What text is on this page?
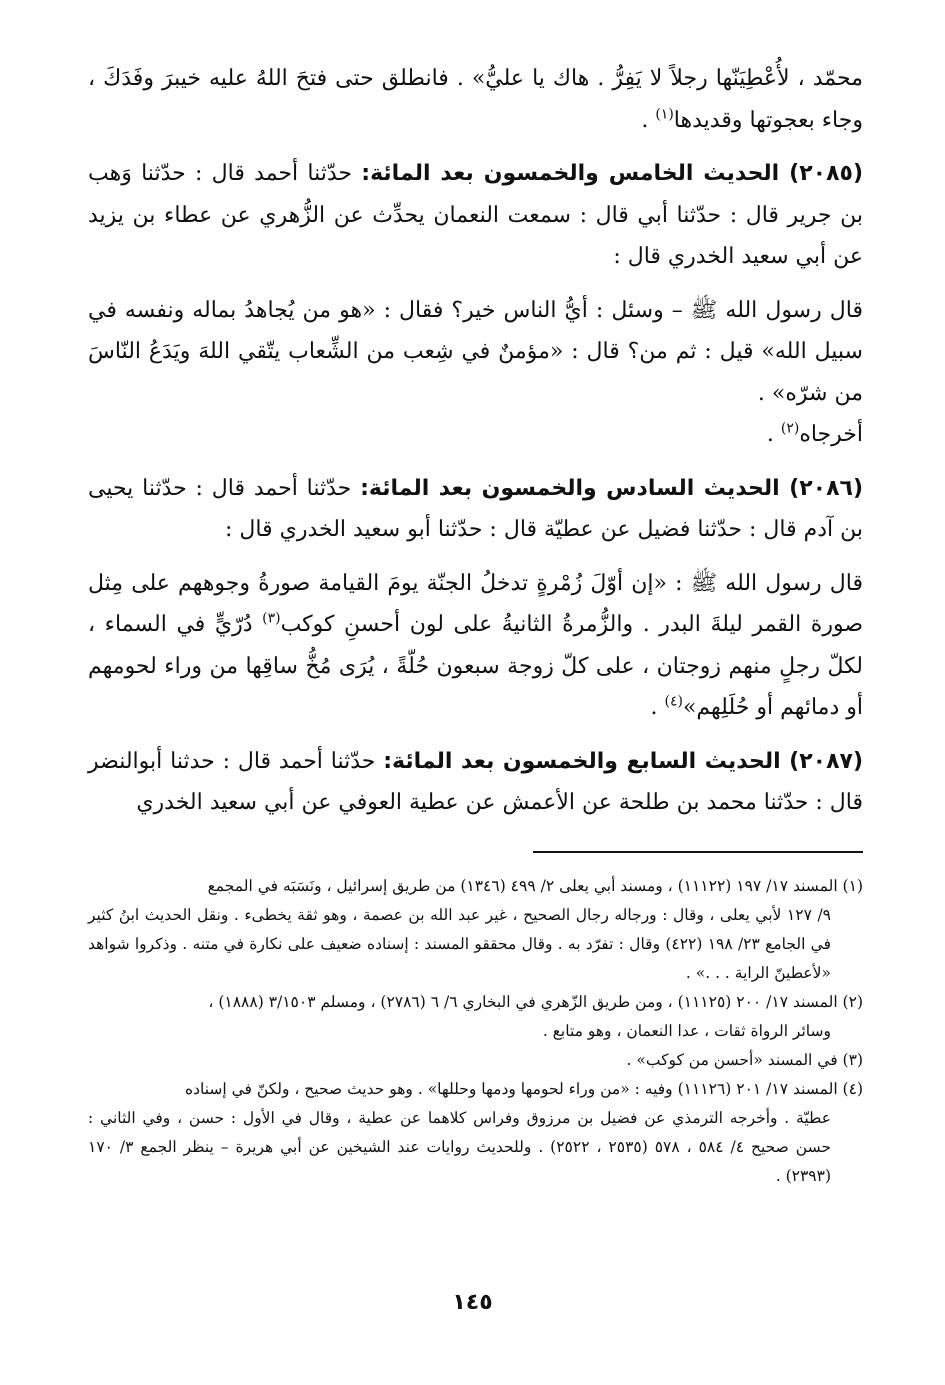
محمّد ، لأُعْطِيَنّها رجلاً لا يَفِرُّ . هاك يا عليُّ» . فانطلق حتى فتحَ اللهُ عليه خيبرَ وفَدَكَ ،

وجاء بعجوتها وقديدها$^{(١)}$ .

(٢٠٨٥) الحديث الخامس والخمسون بعد المائة: حدّثنا أحمد قال : حدّثنا وَهب بن جرير قال : حدّثنا أبي قال : سمعت النعمان يحدِّث عن الزُّهري عن عطاء بن يزيد عن أبي سعيد الخدري قال :

قال رسول الله ﷺ – وسئل : أيُّ الناس خير؟ فقال : «هو من يُجاهدُ بماله ونفسه في سبيل الله» قيل : ثم من؟ قال : «مؤمنٌ في شِعب من الشِّعاب يتّقي اللهَ ويَدَعُ النّاسَ من شرّه» .

أخرجاه$^{(٢)}$ .

(٢٠٨٦) الحديث السادس والخمسون بعد المائة: حدّثنا أحمد قال : حدّثنا يحيى بن آدم قال : حدّثنا فضيل عن عطيّة قال : حدّثنا أبو سعيد الخدري قال :

قال رسول الله ﷺ : «إن أوّلَ زُمْرةٍ تدخلُ الجنّة يومَ القيامة صورةُ وجوههم على مِثل صورة القمر ليلةَ البدر . والزُّمرةُ الثانيةُ على لون أحسنِ كوكب$^{(٣)}$ دُرّيٍّ في السماء ، لكلّ رجلٍ منهم زوجتان ، على كلّ زوجة سبعون حُلّةً ، يُرَى مُخُّ ساقِها من وراء لحومهم أو دمائهم أو حُلَلِهم»$^{(٤)}$ .

(٢٠٨٧) الحديث السابع والخمسون بعد المائة: حدّثنا أحمد قال : حدثنا أبوالنضر قال : حدّثنا محمد بن طلحة عن الأعمش عن عطية العوفي عن أبي سعيد الخدري

(١) المسند ١٧/ ١٩٧ (١١١٢٢) ، ومسند أبي يعلى ٢/ ٤٩٩ (١٣٤٦) من طريق إسرائيل ، ونَسَبَه في المجمع

٩/ ١٢٧ لأبي يعلى ، وقال : ورجاله رجال الصحيح ، غير عبد الله بن عصمة ، وهو ثقة يخطىء . ونقل الحديث ابنُ كثير في الجامع ٢٣/ ١٩٨ (٤٢٢) وقال : تفرّد به . وقال محققو المسند : إسناده ضعيف على نكارة في متنه . وذكروا شواهد «لأعطينّ الراية . . .» .

(٢) المسند ١٧/ ٢٠٠ (١١١٢٥) ، ومن طريق الزّهري في البخاري ٦/ ٦ (٢٧٨٦) ، ومسلم ٣/١٥٠٣ (١٨٨٨) ،

وسائر الرواة ثقات ، عدا النعمان ، وهو متابع .

(٣) في المسند «أحسن من كوكب» .

(٤) المسند ١٧/ ٢٠١ (١١١٢٦) وفيه : «من وراء لحومها ودمها وحللها» . وهو حديث صحيح ، ولكنّ في إسناده

عطيّة . وأخرجه الترمذي عن فضيل بن مرزوق وفراس كلاهما عن عطية ، وقال في الأول : حسن ، وفي الثاني : حسن صحيح ٤/ ٥٨٤ ، ٥٧٨ (٢٥٣٥ ، ٢٥٢٢) . وللحديث روايات عند الشيخين عن أبي هريرة – ينظر الجمع ٣/ ١٧٠ (٢٣٩٣) .

١٤٥
